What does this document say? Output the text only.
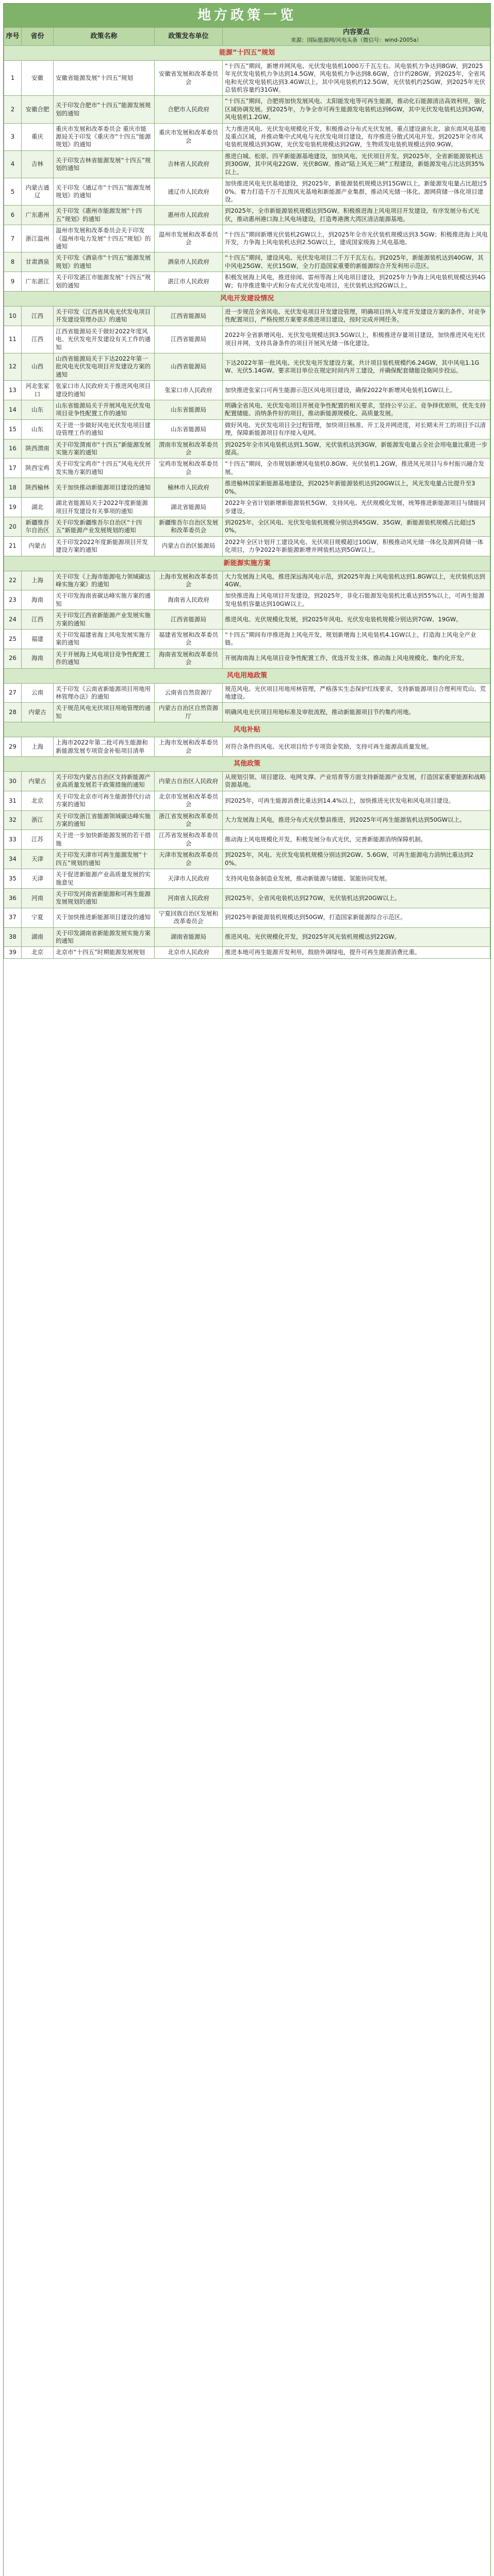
地方政策一览
序号	省份	政策名称	政策发布单位	内容要点
来源：国际能源网/风电头条（微信号：wind-2005a）
能源“十四五”规划				
1	安徽	安徽省能源发展“十四五”规划	安徽省发展和改革委员会	“十四五”期间，新增并网风电、光伏发电装机1000万千瓦左右。风电装机力争达到8GW，到2025年光伏发电装机力争达到14.5GW，风电装机力争达到8.6GW，合计约28GW。到2025年，全省风电和光伏发电装机达到3.4GW以上，其中风电装机约12.5GW，光伏装机约25GW，到2025年光伏总装机容量约31GW。
2	安徽合肥	关于印发合肥市“十四五”能源发展规划的通知	合肥市人民政府	“十四五”期间，合肥将加快发展风电、太阳能发电等可再生能源，推动化石能源清洁高效利用，强化区域协调发展。到2025年，力争全市可再生能源发电装机达到6GW，其中光伏发电装机达到3GW，风电装机1.2GW。
3	重庆	重庆市发展和改革委员会 重庆市能源局关于印发《重庆市“十四五”能源规划》的通知	重庆市发展和改革委员会	大力推进风电、光伏发电规模化开发，积极推动分布式光伏发展。重点建设渝东北、渝东南风电基地及重点区域，并推动集中式风电与光伏发电项目建设，有序推进分散式风电开发。到2025年全市风电装机规模达到3GW，光伏发电装机规模达到2GW，生物质发电装机规模达到0.9GW。
4	吉林	关于印发吉林省能源发展“十四五”规划的通知	吉林省人民政府	推进白城、松原、四平新能源基地建设，加快风电、光伏项目开发。到2025年，全省新能源装机达到30GW，其中风电22GW、光伏8GW。推动“陆上风光三峡”工程建设，新能源发电占比达到35%以上。
5	内蒙古通辽	关于印发《通辽市“十四五”能源发展规划》的通知	通辽市人民政府	加快推进风电光伏基地建设，到2025年，新能源装机规模达到15GW以上，新能源发电量占比超过50%。着力打造千万千瓦级风光基地和新能源产业集群，推动风光储一体化、源网荷储一体化项目建设。
6	广东惠州	关于印发《惠州市能源发展“十四五”规划》的通知	惠州市人民政府	到2025年，全市新能源装机规模达到5GW。积极推进海上风电项目开发建设，有序发展分布式光伏，推动惠州港口海上风电场建设，打造粤港澳大湾区清洁能源基地。
7	浙江温州	温州市发展和改革委员会关于印发《温州市电力发展“十四五”规划》的通知	温州市发展和改革委员会	“十四五”期间新增光伏装机2GW以上，到2025年全市光伏装机规模达到3.5GW；积极推进海上风电开发，力争海上风电装机达到2.5GW以上，建成国家级海上风电基地。
8	甘肃酒泉	关于印发《酒泉市“十四五”能源发展规划》的通知	酒泉市人民政府	“十四五”期间，建设风电、光伏发电项目二千万千瓦左右。到2025年，新能源装机达到40GW，其中风电25GW、光伏15GW，全力打造国家重要的新能源综合开发利用示范区。
9	广东湛江	关于印发湛江市能源发展“十四五”规划的通知	湛江市人民政府	积极发展海上风电，推进徐闻、雷州等海上风电项目建设，到2025年力争海上风电装机规模达到4GW；有序推进集中式和分布式光伏发电项目，光伏装机达到2GW以上。
风电开发建设情况				
10	江西	关于印发《江西省风电光伏发电项目开发建设管理办法》的通知	江西省能源局	进一步规范全省风电、光伏发电项目开发建设管理，明确项目纳入年度开发建设方案的条件，对竞争性配置项目，严格按照方案要求推进项目建设，按时完成并网任务。
11	江西	江西省能源局关于做好2022年度风电、光伏发电开发建设有关工作的通知	江西省能源局	2022年全省新增风电、光伏发电规模达到3.5GW以上，积极推进存量项目建设，加快推进风电光伏项目并网，支持具备条件的项目开展风光储一体化建设。
12	山西	山西省能源局关于下达2022年第一批风电光伏发电项目开发建设方案的通知	山西省能源局	下达2022年第一批风电、光伏发电开发建设方案，共计项目装机规模约6.24GW，其中风电1.1GW、光伏5.14GW。要求项目单位在规定时间内开工建设，并确保配套储能设施同步投运。
13	河北张家口	张家口市人民政府关于推进风电项目建设的通知	张家口市人民政府	加快推进张家口可再生能源示范区风电项目建设，确保2022年新增风电装机1GW以上。
14	山东	山东省能源局关于开展风电光伏发电项目竞争性配置工作的通知	山东省能源局	明确全省风电、光伏发电项目开展竞争性配置的相关要求，坚持公平公正、竞争择优原则，优先支持配置储能、消纳条件好的项目，推动新能源规模化、高质量发展。
15	山东	关于进一步做好风电光伏发电项目建设管理工作的通知	山东省能源局	做好风电、光伏发电项目全过程管理，加快项目核准、开工及并网进度，对长期未开工的项目予以清理，保障新能源项目有序接入电网。
16	陕西渭南	关于印发渭南市“十四五”新能源发展实施方案的通知	渭南市发展和改革委员会	到2025年全市风电装机达到1.5GW，光伏装机达到3GW，新能源发电量占全社会用电量比重进一步提高。
17	陕西宝鸡	关于印发宝鸡市“十四五”风电光伏开发实施方案的通知	宝鸡市发展和改革委员会	“十四五”期间，全市规划新增风电装机0.8GW、光伏装机1.2GW，推进风光项目与乡村振兴融合发展。
18	陕西榆林	关于加快推动新能源项目建设的通知	榆林市人民政府	推进榆林国家新能源基地建设，到2025年新能源装机达到20GW以上，风光发电量占比提升至30%。
19	湖北	湖北省能源局关于2022年度新能源项目开发建设有关事项的通知	湖北省能源局	2022年全省计划新增新能源装机5GW，支持风电、光伏规模化发展，统筹推进新能源项目与储能同步建设。
20	新疆维吾尔自治区	关于印发新疆维吾尔自治区“十四五”新能源产业发展规划的通知	新疆维吾尔自治区发展和改革委员会	到2025年，全区风电、光伏发电装机规模分别达到45GW、35GW，新能源装机规模占比超过50%。
21	内蒙古	关于印发2022年度新能源项目开发建设方案的通知	内蒙古自治区能源局	2022年全区计划开工建设风电、光伏项目规模超过10GW，积极推动风光储一体化及源网荷储一体化项目，力争2022年新能源新增并网装机达到5GW以上。
新能源实施方案				
22	上海	关于印发《上海市能源电力领域碳达峰实施方案》的通知	上海市发展和改革委员会	大力发展海上风电，推进深远海风电示范，到2025年海上风电装机达到1.8GW以上，光伏装机达到4GW。
23	海南	关于印发海南省碳达峰实施方案的通知	海南省人民政府	加快推进海上风电项目开发建设，到2025年，非化石能源发电装机比重达到55%以上，可再生能源发电装机容量达到10GW以上。
24	江西	关于印发江西省新能源产业发展实施方案的通知	江西省能源局	推进风电、光伏规模化发展，到2025年风电、光伏发电装机规模分别达到7GW、19GW。
25	福建	关于印发福建省海上风电发展实施方案的通知	福建省发展和改革委员会	“十四五”期间有序推进海上风电开发，规划新增海上风电装机4.1GW以上，打造海上风电全产业链。
26	海南	关于开展海上风电项目竞争性配置工作的通知	海南省发展和改革委员会	开展海南海上风电项目竞争性配置工作，优选开发主体，推动海上风电规模化、集约化开发。
风电用地政策				
27	云南	关于印发《云南省新能源项目用地用林管理办法》的通知	云南省自然资源厅	规范风电、光伏项目用地用林管理，严格落实生态保护红线要求，支持新能源项目合理利用荒山、荒地建设。
28	内蒙古	关于规范风电光伏项目用地管理的通知	内蒙古自治区自然资源厅	明确风电光伏项目用地标准及审批流程，推动新能源项目节约集约用地。
风电补贴				
29	上海	上海市2022年第二批可再生能源和新能源发展专项资金补贴项目清单	上海市发展和改革委员会	对符合条件的风电、光伏项目给予专项资金奖励，支持可再生能源高质量发展。
其他政策				
30	内蒙古	关于印发内蒙古自治区支持新能源产业高质量发展若干政策措施的通知	内蒙古自治区人民政府	从规划引领、项目建设、电网支撑、产业培育等方面支持新能源产业发展，打造国家重要能源和战略资源基地。
31	北京	关于印发北京市可再生能源替代行动方案的通知	北京市发展和改革委员会	到2025年，可再生能源消费比重达到14.4%以上，加快推进光伏发电和风电项目建设。
32	浙江	关于印发浙江省能源领域碳达峰实施方案的通知	浙江省发展和改革委员会	大力发展海上风电，推进分布式光伏整县推进，到2025年可再生能源装机达到50GW以上。
33	江苏	关于进一步加快新能源发展的若干措施	江苏省发展和改革委员会	推动海上风电规模化开发，积极发展分布式光伏，完善新能源消纳保障机制。
34	天津	关于印发天津市可再生能源发展“十四五”规划的通知	天津市发展和改革委员会	到2025年，风电、光伏发电装机规模分别达到2GW、5.6GW，可再生能源电力消纳比重达到20%。
35	天津	关于促进新能源产业高质量发展的实施意见	天津市人民政府	支持风电装备制造业发展，推动新能源与储能、氢能协同发展。
36	河南	关于印发河南省新能源和可再生能源发展规划的通知	河南省人民政府	到2025年，全省风电装机达到27GW，光伏装机达到20GW以上。
37	宁夏	关于加快推进新能源项目建设的通知	宁夏回族自治区发展和改革委员会	到2025年新能源装机规模达到50GW，打造国家新能源综合示范区。
38	湖南	关于印发湖南省新能源发展实施方案的通知	湖南省能源局	推进风电、光伏规模化开发，到2025年风光装机规模达到22GW。
39	北京	北京市“十四五”时期能源发展规划	北京市人民政府	推进本地可再生能源开发利用，鼓励外调绿电，提升可再生能源消费比重。
